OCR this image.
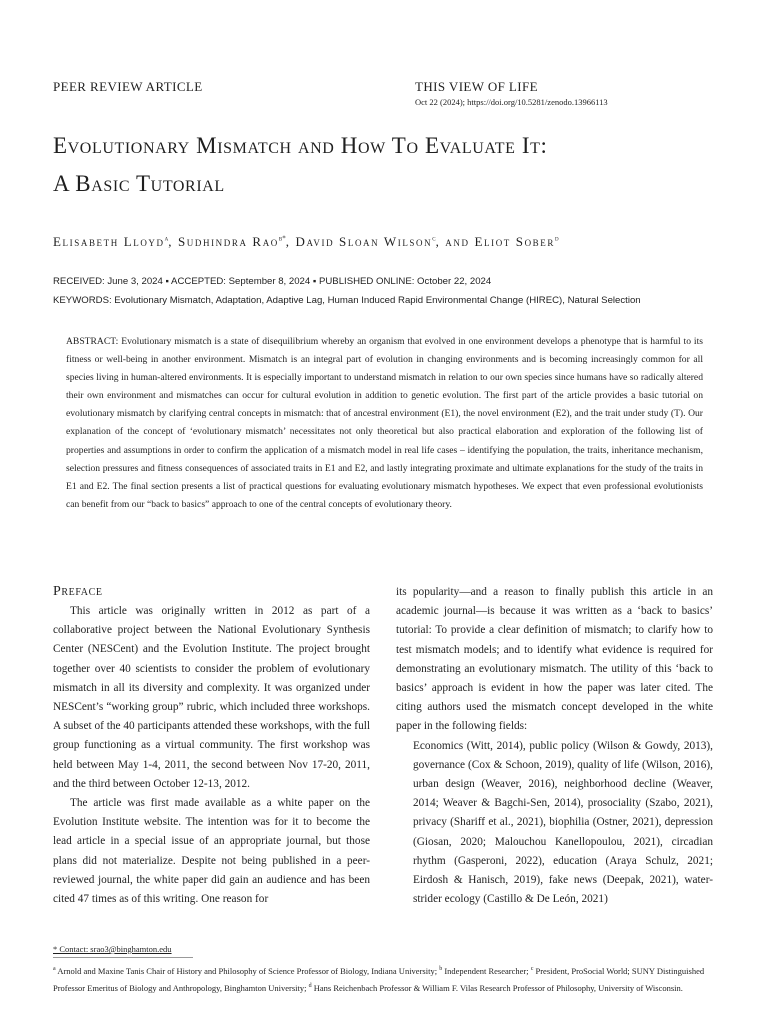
PEER REVIEW ARTICLE	THIS VIEW OF LIFE
Oct 22 (2024); https://doi.org/10.5281/zenodo.13966113
Evolutionary Mismatch and How To Evaluate It:
A Basic Tutorial
Elisabeth Lloyd$^a$, Sudhindra Rao$^{b*}$, David Sloan Wilson$^c$, and Eliot Sober$^d$
RECEIVED: June 3, 2024 ▪ ACCEPTED: September 8, 2024 ▪ PUBLISHED ONLINE: October 22, 2024
KEYWORDS: Evolutionary Mismatch, Adaptation, Adaptive Lag, Human Induced Rapid Environmental Change (HIREC), Natural Selection
ABSTRACT: Evolutionary mismatch is a state of disequilibrium whereby an organism that evolved in one environment develops a phenotype that is harmful to its fitness or well-being in another environment. Mismatch is an integral part of evolution in changing environments and is becoming increasingly common for all species living in human-altered environments. It is especially important to understand mismatch in relation to our own species since humans have so radically altered their own environment and mismatches can occur for cultural evolution in addition to genetic evolution. The first part of the article provides a basic tutorial on evolutionary mismatch by clarifying central concepts in mismatch: that of ancestral environment (E1), the novel environment (E2), and the trait under study (T). Our explanation of the concept of ‘evolutionary mismatch’ necessitates not only theoretical but also practical elaboration and exploration of the following list of properties and assumptions in order to confirm the application of a mismatch model in real life cases – identifying the population, the traits, inheritance mechanism, selection pressures and fitness consequences of associated traits in E1 and E2, and lastly integrating proximate and ultimate explanations for the study of the traits in E1 and E2. The final section presents a list of practical questions for evaluating evolutionary mismatch hypotheses. We expect that even professional evolutionists can benefit from our “back to basics” approach to one of the central concepts of evolutionary theory.
Preface

This article was originally written in 2012 as part of a collaborative project between the National Evolutionary Synthesis Center (NESCent) and the Evolution Institute. The project brought together over 40 scientists to consider the problem of evolutionary mismatch in all its diversity and complexity. It was organized under NESCent’s “working group” rubric, which included three workshops. A subset of the 40 participants attended these workshops, with the full group functioning as a virtual community. The first workshop was held between May 1-4, 2011, the second between Nov 17-20, 2011, and the third between October 12-13, 2012.

The article was first made available as a white paper on the Evolution Institute website. The intention was for it to become the lead article in a special issue of an appropriate journal, but those plans did not materialize. Despite not being published in a peer-reviewed journal, the white paper did gain an audience and has been cited 47 times as of this writing. One reason for

its popularity—and a reason to finally publish this article in an academic journal—is because it was written as a ‘back to basics’ tutorial: To provide a clear definition of mismatch; to clarify how to test mismatch models; and to identify what evidence is required for demonstrating an evolutionary mismatch. The utility of this ‘back to basics’ approach is evident in how the paper was later cited. The citing authors used the mismatch concept developed in the white paper in the following fields:

Economics (Witt, 2014), public policy (Wilson & Gowdy, 2013), governance (Cox & Schoon, 2019), quality of life (Wilson, 2016), urban design (Weaver, 2016), neighborhood decline (Weaver, 2014; Weaver & Bagchi-Sen, 2014), prosociality (Szabo, 2021), privacy (Shariff et al., 2021), biophilia (Ostner, 2021), depression (Giosan, 2020; Malouchou Kanellopoulou, 2021), circadian rhythm (Gasperoni, 2022), education (Araya Schulz, 2021; Eirdosh & Hanisch, 2019), fake news (Deepak, 2021), water-strider ecology (Castillo & De León, 2021)

* Contact: srao3@binghamton.edu
$^a$ Arnold and Maxine Tanis Chair of History and Philosophy of Science Professor of Biology, Indiana University; $^b$ Independent Researcher; $^c$ President, ProSocial World; SUNY Distinguished Professor Emeritus of Biology and Anthropology, Binghamton University; $^d$ Hans Reichenbach Professor & William F. Vilas Research Professor of Philosophy, University of Wisconsin.
